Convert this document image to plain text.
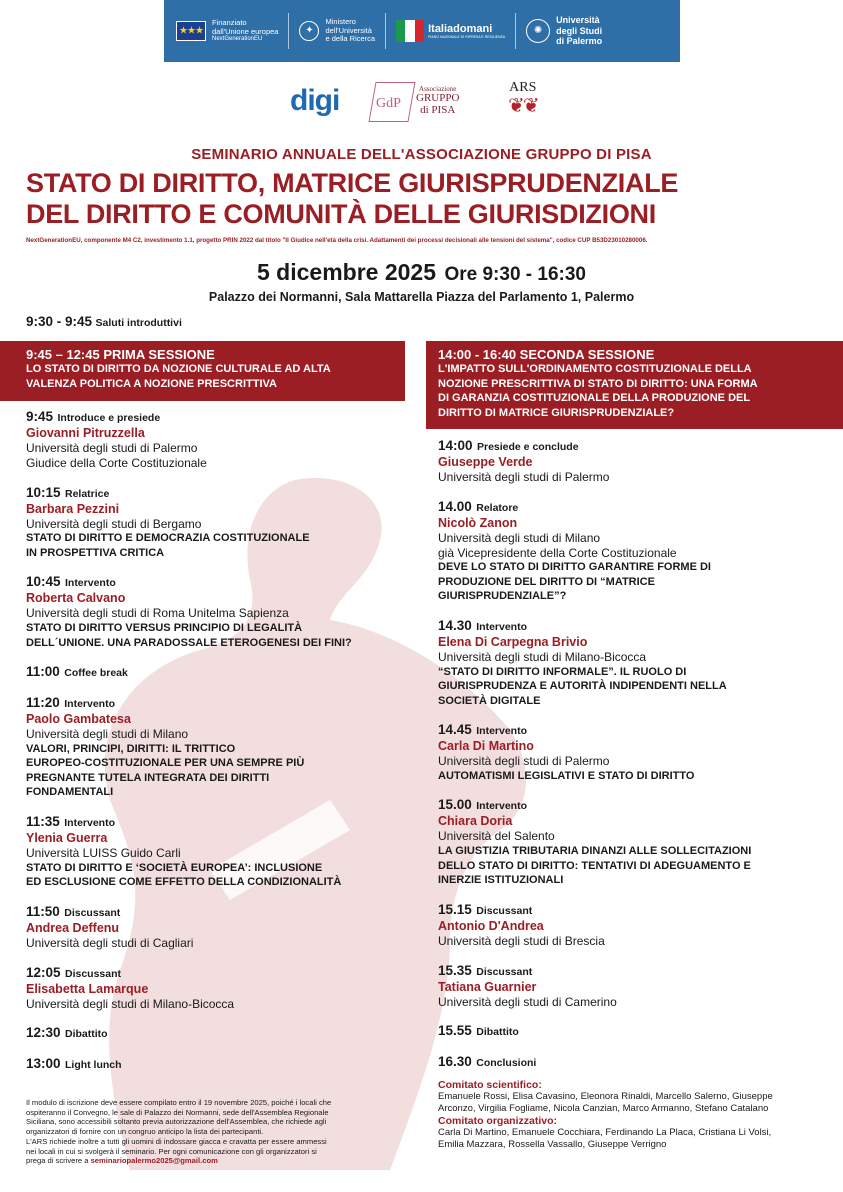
★★★
Finanziato
dall'Unione europea
NextGenerationEU
✦
Ministero
dell'Università
e della Ricerca
Italiadomani
PIANO NAZIONALE DI RIPRESA E RESILIENZA
✺
Università
degli Studi
di Palermo
digi
	GdP
Associazione
GRUPPO
di PISA
ARS
❦❦
SEMINARIO ANNUALE DELL'ASSOCIAZIONE GRUPPO DI PISA
STATO DI DIRITTO, MATRICE GIURISPRUDENZIALE
DEL DIRITTO E COMUNITÀ DELLE GIURISDIZIONI
NextGenerationEU, componente M4 C2, investimento 1.1, progetto PRIN 2022 dal titolo "Il Giudice nell'età della crisi. Adattamenti dei processi decisionali alle tensioni del sistema", codice CUP B53D23010280006.
5 dicembre 2025 Ore 9:30 - 16:30
Palazzo dei Normanni, Sala Mattarella Piazza del Parlamento 1, Palermo
9:30 - 9:45 Saluti introduttivi
9:45 – 12:45 PRIMA SESSIONE
LO STATO DI DIRITTO DA NOZIONE CULTURALE AD ALTA
VALENZA POLITICA A NOZIONE PRESCRITTIVA
14:00 - 16:40 SECONDA SESSIONE
L'IMPATTO SULL'ORDINAMENTO COSTITUZIONALE DELLA
NOZIONE PRESCRITTIVA DI STATO DI DIRITTO: UNA FORMA
DI GARANZIA COSTITUZIONALE DELLA PRODUZIONE DEL
DIRITTO DI MATRICE GIURISPRUDENZIALE?
9:45 Introduce e presiede
Giovanni Pitruzzella
Università degli studi di Palermo
Giudice della Corte Costituzionale
10:15 Relatrice
Barbara Pezzini
Università degli studi di Bergamo
STATO DI DIRITTO E DEMOCRAZIA COSTITUZIONALE
IN PROSPETTIVA CRITICA
10:45 Intervento
Roberta Calvano
Università degli studi di Roma Unitelma Sapienza
STATO DI DIRITTO VERSUS PRINCIPIO DI LEGALITÀ
DELL´UNIONE. UNA PARADOSSALE ETEROGENESI DEI FINI?
11:00 Coffee break
11:20 Intervento
Paolo Gambatesa
Università degli studi di Milano
VALORI, PRINCIPI, DIRITTI: IL TRITTICO
EUROPEO-COSTITUZIONALE PER UNA SEMPRE PIÙ
PREGNANTE TUTELA INTEGRATA DEI DIRITTI
FONDAMENTALI
11:35 Intervento
Ylenia Guerra
Università LUISS Guido Carli
STATO DI DIRITTO E ‘SOCIETÀ EUROPEA’: INCLUSIONE
ED ESCLUSIONE COME EFFETTO DELLA CONDIZIONALITÀ
11:50 Discussant
Andrea Deffenu
Università degli studi di Cagliari
12:05 Discussant
Elisabetta Lamarque
Università degli studi di Milano-Bicocca
12:30 Dibattito
13:00 Light lunch
14:00 Presiede e conclude
Giuseppe Verde
Università degli studi di Palermo
14.00 Relatore
Nicolò Zanon
Università degli studi di Milano
già Vicepresidente della Corte Costituzionale
DEVE LO STATO DI DIRITTO GARANTIRE FORME DI
PRODUZIONE DEL DIRITTO DI “MATRICE
GIURISPRUDENZIALE”?
14.30 Intervento
Elena Di Carpegna Brivio
Università degli studi di Milano-Bicocca
“STATO DI DIRITTO INFORMALE”. IL RUOLO DI
GIURISPRUDENZA E AUTORITÀ INDIPENDENTI NELLA
SOCIETÀ DIGITALE
14.45 Intervento
Carla Di Martino
Università degli studi di Palermo
AUTOMATISMI LEGISLATIVI E STATO DI DIRITTO
15.00 Intervento
Chiara Doria
Università del Salento
LA GIUSTIZIA TRIBUTARIA DINANZI ALLE SOLLECITAZIONI
DELLO STATO DI DIRITTO: TENTATIVI DI ADEGUAMENTO E
INERZIE ISTITUZIONALI
15.15 Discussant
Antonio D'Andrea
Università degli studi di Brescia
15.35 Discussant
Tatiana Guarnier
Università degli studi di Camerino
15.55 Dibattito
16.30 Conclusioni
Comitato scientifico:
Emanuele Rossi, Elisa Cavasino, Eleonora Rinaldi, Marcello Salerno, Giuseppe
Arconzo, Virgilia Fogliame, Nicola Canzian, Marco Armanno, Stefano Catalano
Comitato organizzativo:
Carla Di Martino, Emanuele Cocchiara, Ferdinando La Placa, Cristiana Li Volsi,
Emilia Mazzara, Rossella Vassallo, Giuseppe Verrigno
Il modulo di iscrizione deve essere compilato entro il 19 novembre 2025, poiché i locali che
ospiteranno il Convegno, le sale di Palazzo dei Normanni, sede dell'Assemblea Regionale
Siciliana, sono accessibili soltanto previa autorizzazione dell'Assemblea, che richiede agli
organizzatori di fornire con un congruo anticipo la lista dei partecipanti.
L'ARS richiede inoltre a tutti gli uomini di indossare giacca e cravatta per essere ammessi
nei locali in cui si svolgerà il seminario. Per ogni comunicazione con gli organizzatori si
prega di scrivere a seminariopalermo2025@gmail.com
